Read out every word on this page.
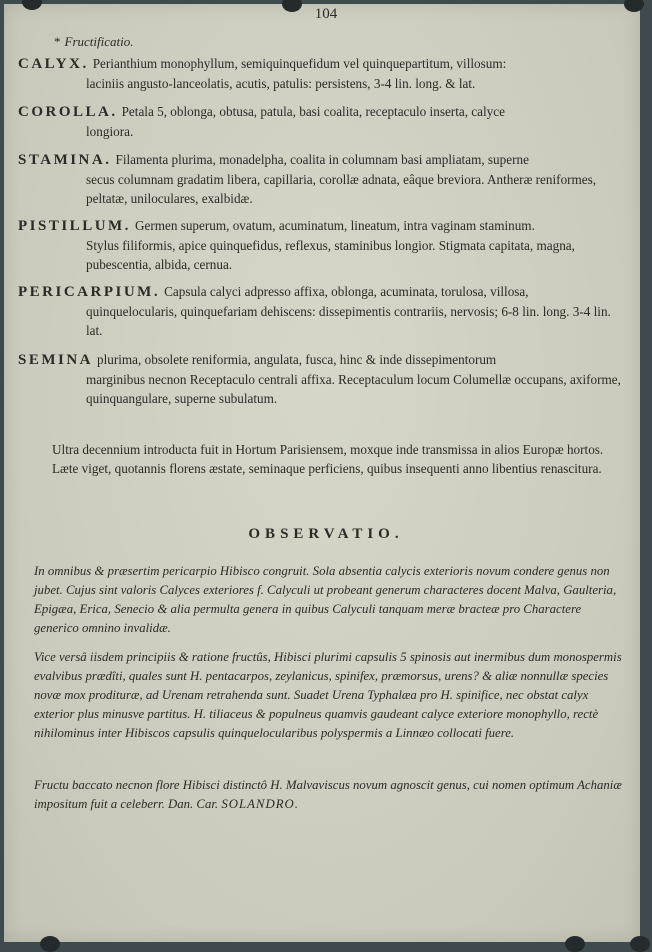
104
* Fructificatio.
CALYX. Perianthium monophyllum, semiquinquefidum vel quinquepartitum, villosum:
laciniis angusto-lanceolatis, acutis, patulis: persistens, 3-4 lin. long. & lat.
COROLLA. Petala 5, oblonga, obtusa, patula, basi coalita, receptaculo inserta, calyce
longiora.
STAMINA. Filamenta plurima, monadelpha, coalita in columnam basi ampliatam, superne
secus columnam gradatim libera, capillaria, corollæ adnata, eâque breviora. Antheræ reniformes, peltatæ, uniloculares, exalbidæ.
PISTILLUM. Germen superum, ovatum, acuminatum, lineatum, intra vaginam staminum.
Stylus filiformis, apice quinquefidus, reflexus, staminibus longior. Stigmata capitata, magna, pubescentia, albida, cernua.
PERICARPIUM. Capsula calyci adpresso affixa, oblonga, acuminata, torulosa, villosa,
quinquelocularis, quinquefariam dehiscens: dissepimentis contrariis, nervosis; 6-8 lin. long. 3-4 lin. lat.
SEMINA plurima, obsolete reniformia, angulata, fusca, hinc & inde dissepimentorum
marginibus necnon Receptaculo centrali affixa. Receptaculum locum Columellæ occupans, axiforme, quinquangulare, superne subulatum.
Ultra decennium introducta fuit in Hortum Parisiensem, moxque inde transmissa in alios Europæ hortos. Læte viget, quotannis florens æstate, seminaque perficiens, quibus insequenti anno libentius renascitura.
OBSERVATIO.
In omnibus & præsertim pericarpio Hibisco congruit. Sola absentia calycis exterioris novum condere genus non jubet. Cujus sint valoris Calyces exteriores f. Calyculi ut probeant generum characteres docent Malva, Gaulteria, Epigæa, Erica, Senecio & alia permulta genera in quibus Calyculi tanquam meræ bracteæ pro Charactere generico omnino invalidæ.
Vice versâ iisdem principiis & ratione fructûs, Hibisci plurimi capsulis 5 spinosis aut inermibus dum monospermis evalvibus prædîti, quales sunt H. pentacarpos, zeylanicus, spinifex, præmorsus, urens? & aliæ nonnullæ species novæ mox prodituræ, ad Urenam retrahenda sunt. Suadet Urena Typhalæa pro H. spinifice, nec obstat calyx exterior plus minusve partitus. H. tiliaceus & populneus quamvis gaudeant calyce exteriore monophyllo, rectè nihilominus inter Hibiscos capsulis quinquelocularibus polyspermis a Linnæo collocati fuere.
Fructu baccato necnon flore Hibisci distinctô H. Malvaviscus novum agnoscit genus, cui nomen optimum Achaniæ impositum fuit a celeberr. Dan. Car. SOLANDRO.
